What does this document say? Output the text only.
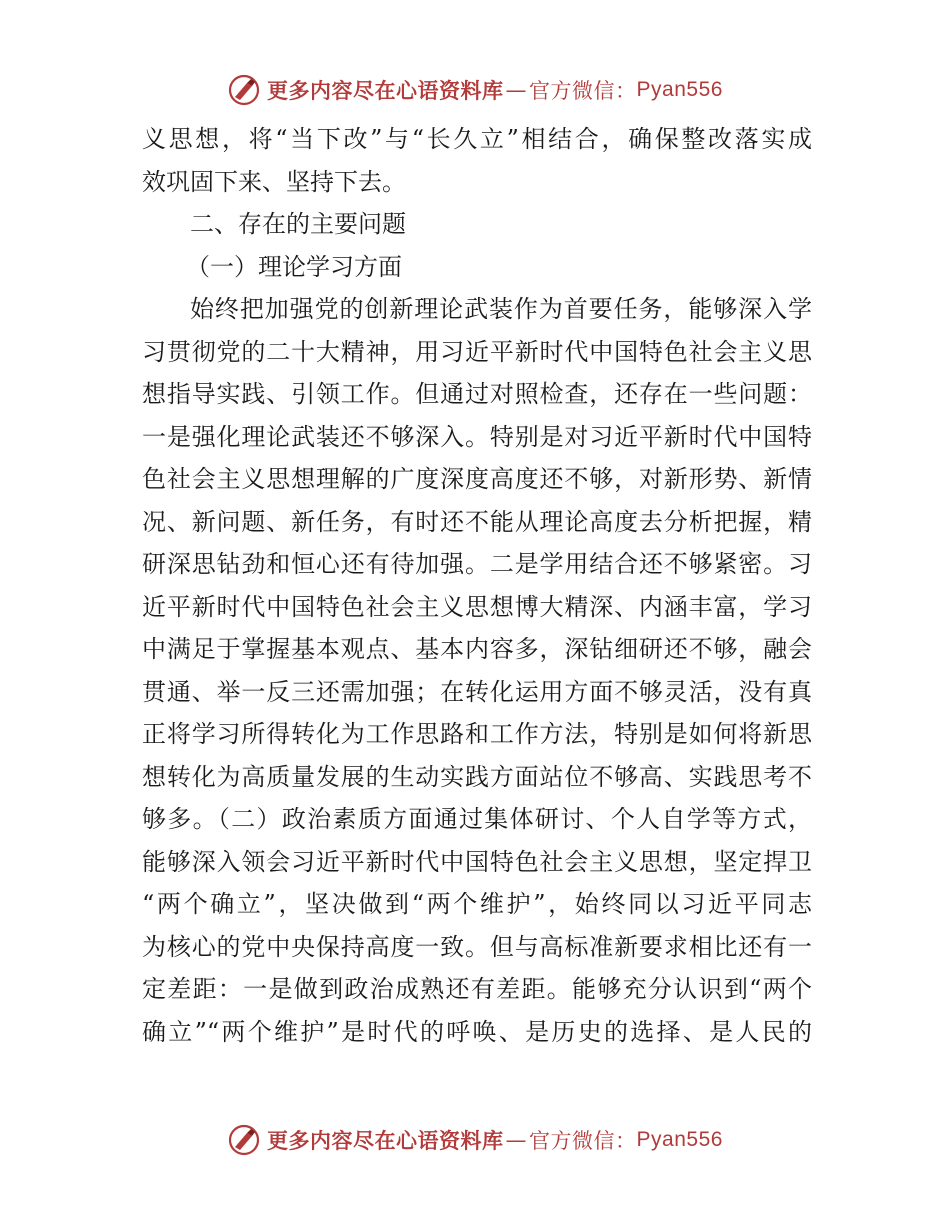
更多内容尽在心语资料库 — 官方微信： Pyan556

义思想，将“当下改”与“长久立”相结合，确保整改落实成
效巩固下来、坚持下去。

二、存在的主要问题
（一）理论学习方面

始终把加强党的创新理论武装作为首要任务，能够深入学
习贯彻党的二十大精神，用习近平新时代中国特色社会主义思
想指导实践、引领工作。但通过对照检查，还存在一些问题：
一是强化理论武装还不够深入。特别是对习近平新时代中国特
色社会主义思想理解的广度深度高度还不够，对新形势、新情
况、新问题、新任务，有时还不能从理论高度去分析把握，精
研深思钻劲和恒心还有待加强。二是学用结合还不够紧密。习
近平新时代中国特色社会主义思想博大精深、内涵丰富，学习
中满足于掌握基本观点、基本内容多，深钻细研还不够，融会
贯通、举一反三还需加强；在转化运用方面不够灵活，没有真
正将学习所得转化为工作思路和工作方法，特别是如何将新思
想转化为高质量发展的生动实践方面站位不够高、实践思考不
够多。（二）政治素质方面通过集体研讨、个人自学等方式，
能够深入领会习近平新时代中国特色社会主义思想，坚定捍卫
“两个确立”，坚决做到“两个维护”，始终同以习近平同志
为核心的党中央保持高度一致。但与高标准新要求相比还有一
定差距：一是做到政治成熟还有差距。能够充分认识到“两个
确立”“两个维护”是时代的呼唤、是历史的选择、是人民的

更多内容尽在心语资料库 — 官方微信： Pyan556
